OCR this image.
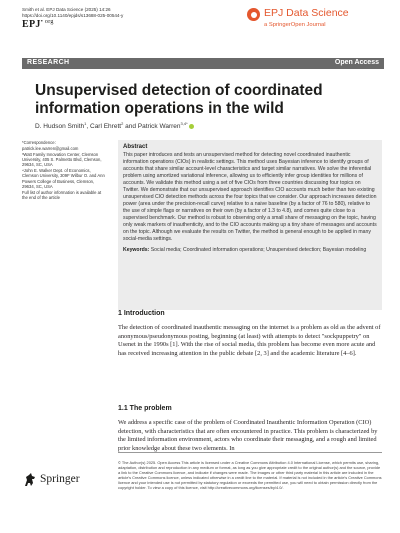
Smith et al. EPJ Data Science (2025) 14:26
https://doi.org/10.1140/epjds/s13688-025-00544-y
$EPJ^{• org}$
EPJ Data Science
a SpringerOpen Journal
RESEARCH	Open Access
Unsupervised detection of coordinated information operations in the wild
D. Hudson Smith$^1$, Carl Ehrett$^2$ and Patrick Warren$^{3,4*}$

*Correspondence:

patrick.lee.warren@gmail.com

³Watt Family Innovation Center, Clemson University, 405 S. Palmetto Blvd, Clemson, 29634, SC, USA

⁴John E. Walker Dept. of Economics, Clemson University, 309F Wilbur O. and Ann Powers College of Business, Clemson, 29634, SC, USA

Full list of author information is available at the end of the article

Abstract

This paper introduces and tests an unsupervised method for detecting novel coordinated inauthentic information operations (CIOs) in realistic settings. This method uses Bayesian inference to identify groups of accounts that share similar account-level characteristics and target similar narratives. We solve the inferential problem using amortized variational inference, allowing us to efficiently infer group identities for millions of accounts. We validate this method using a set of five CIOs from three countries discussing four topics on Twitter. We demonstrate that our unsupervised approach identifies CIO accounts much better than two existing unsupervised CIO detection methods across the four topics that we consider. Our approach increases detection power (area under the precision-recall curve) relative to a naive baseline (by a factor of 76 to 580), relative to the use of simple flags or narratives on their own (by a factor of 1.3 to 4.8), and comes quite close to a supervised benchmark. Our method is robust to observing only a small share of messaging on the topic, having only weak markers of inauthenticity, and to the CIO accounts making up a tiny share of messages and accounts on the topic. Although we evaluate the results on Twitter, the method is general enough to be applied in many social-media settings.

Keywords: Social media; Coordinated information operations; Unsupervised detection; Bayesian modeling

1 Introduction

The detection of coordinated inauthentic messaging on the internet is a problem as old as the advent of anonymous/pseudonymous posting, beginning (at least) with attempts to detect "sockpuppetry" on Usenet in the 1990s [1]. With the rise of social media, this problem has become even more acute and has received increasing attention in the public debate [2, 3] and the academic literature [4–6].

1.1 The problem

We address a specific case of the problem of Coordinated Inauthentic Information Operation (CIO) detection, with characteristics that are often encountered in practice. This problem is characterized by the limited information environment, actors who coordinate their messaging, and a rough and limited prior knowledge about these two elements. In

Springer

© The Author(s) 2025. Open Access This article is licensed under a Creative Commons Attribution 4.0 International License, which permits use, sharing, adaptation, distribution and reproduction in any medium or format, as long as you give appropriate credit to the original author(s) and the source, provide a link to the Creative Commons licence, and indicate if changes were made. The images or other third party material in this article are included in the article's Creative Commons licence, unless indicated otherwise in a credit line to the material. If material is not included in the article's Creative Commons licence and your intended use is not permitted by statutory regulation or exceeds the permitted use, you will need to obtain permission directly from the copyright holder. To view a copy of this licence, visit http://creativecommons.org/licenses/by/4.0/.
